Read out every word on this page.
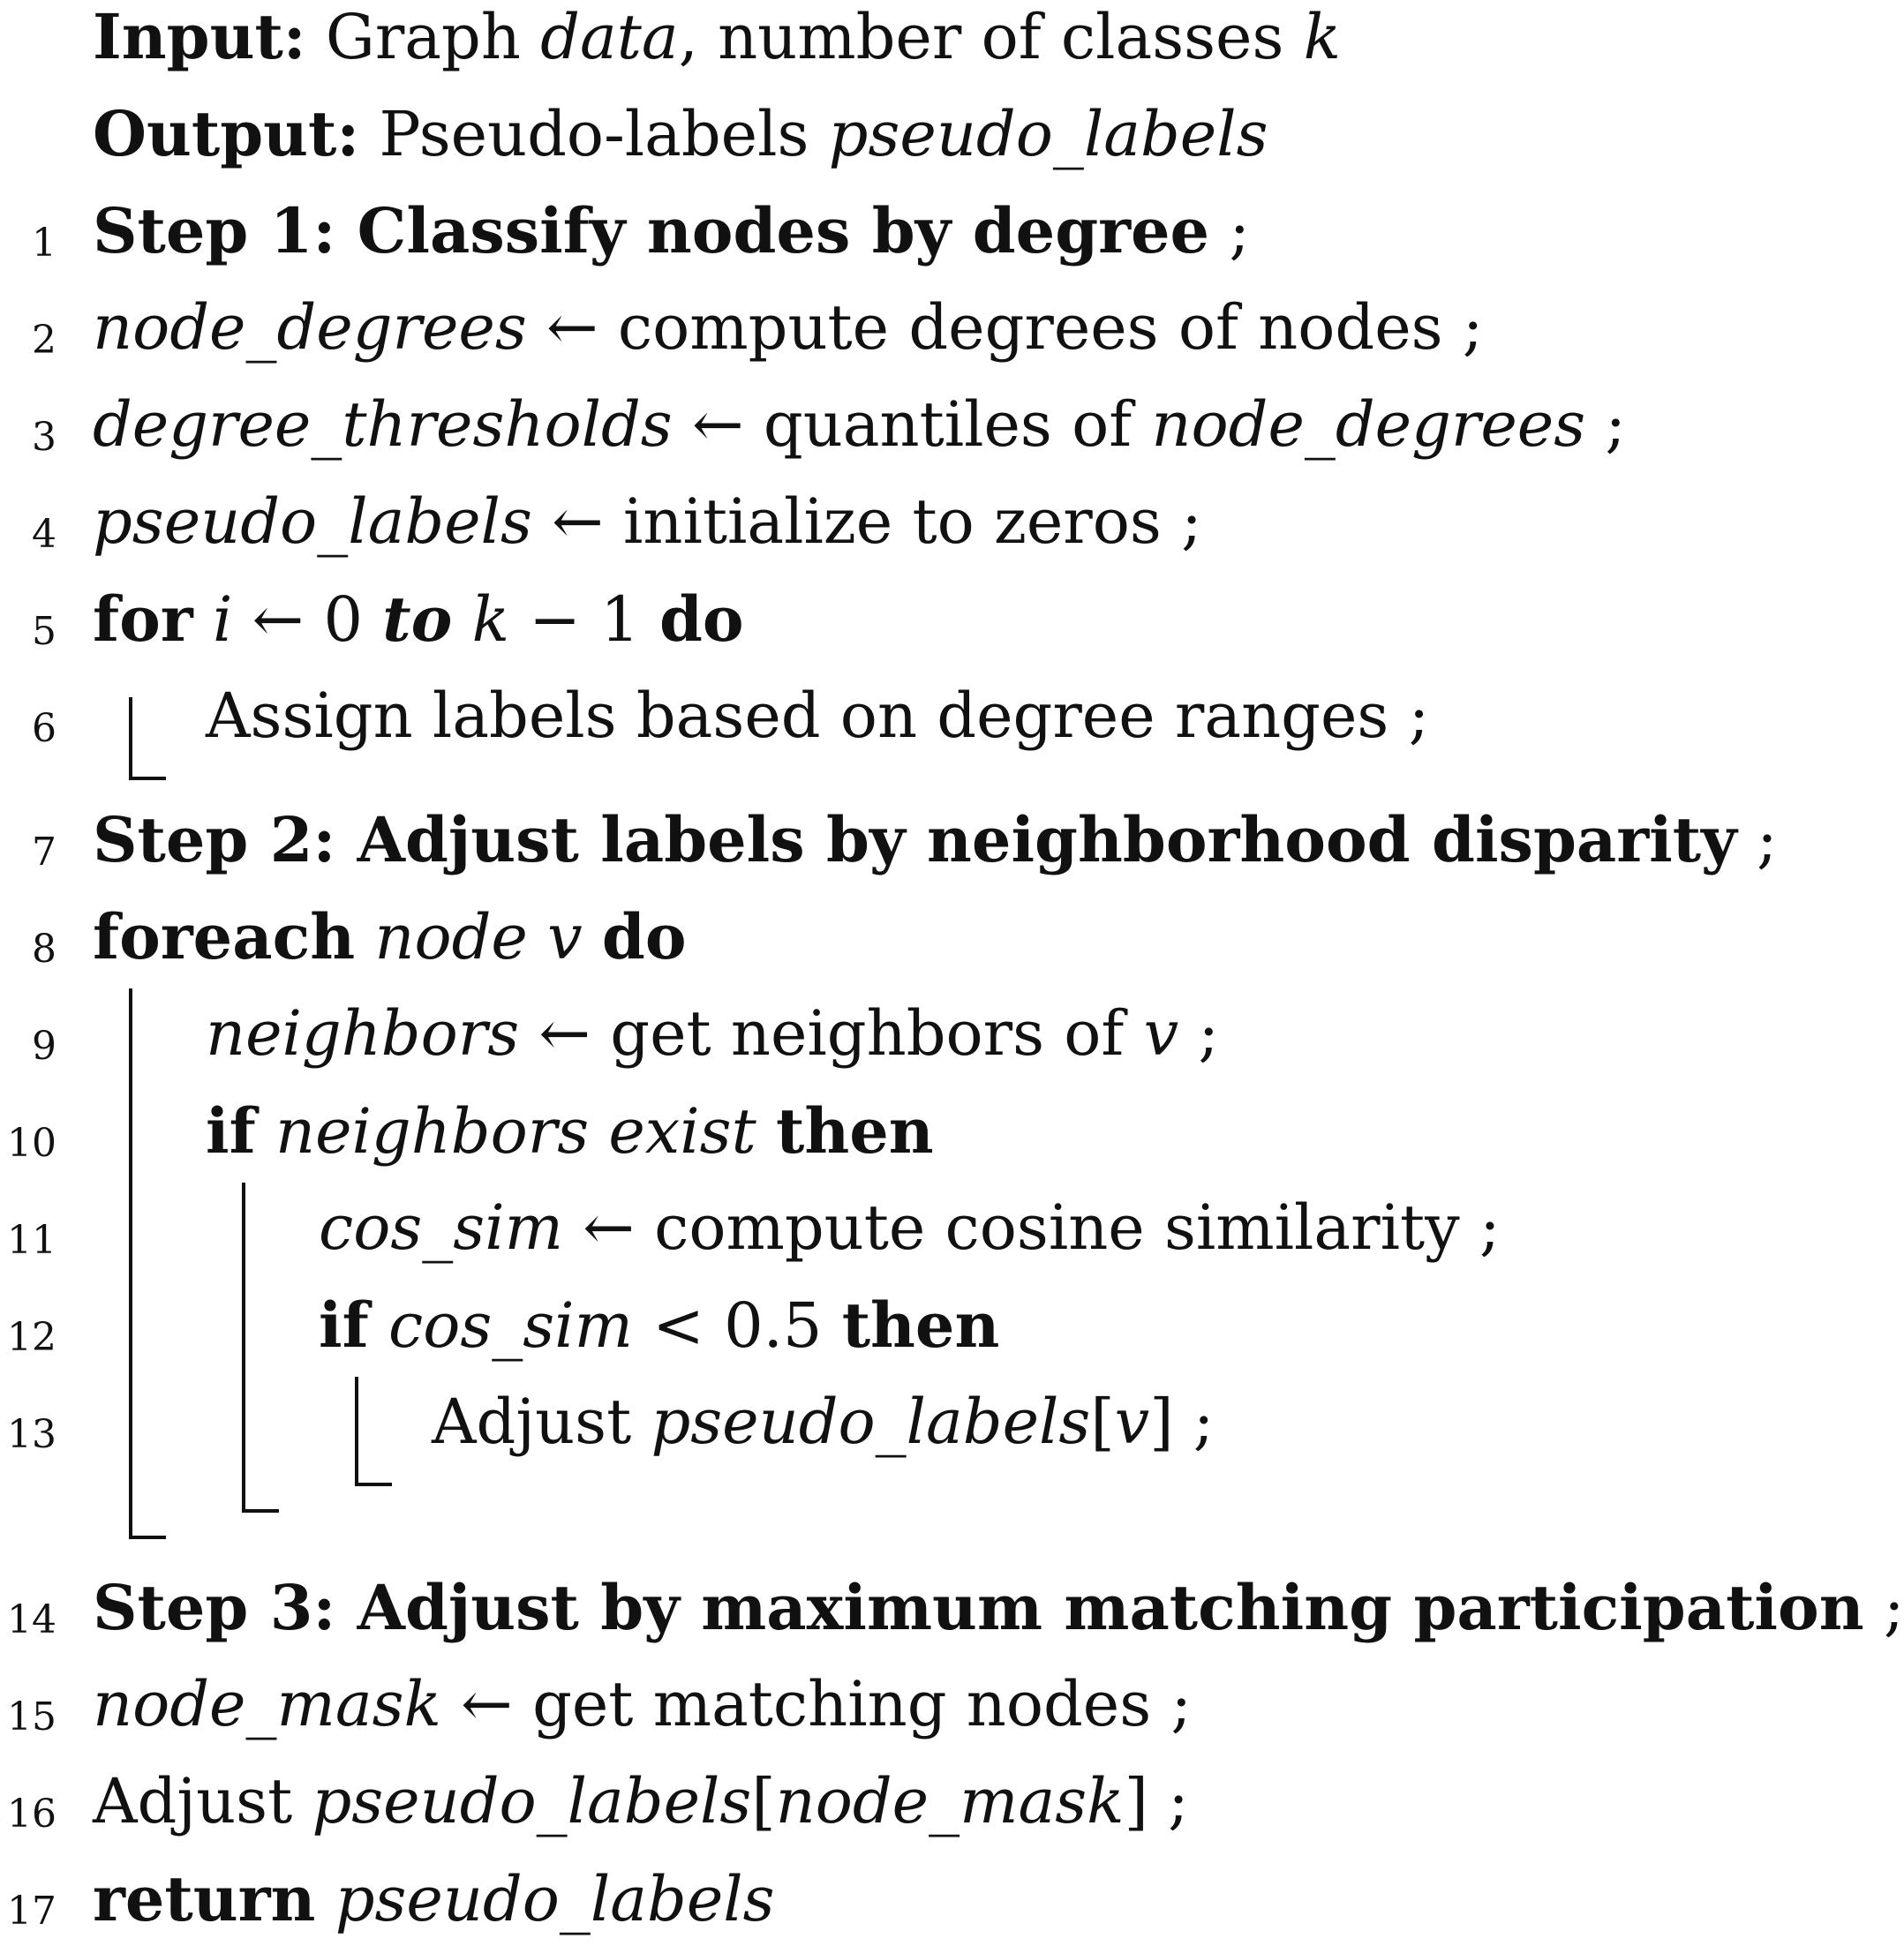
Input: Graph data, number of classes k
Output: Pseudo-labels pseudo_labels
1 Step 1: Classify nodes by degree ;
2 node_degrees ← compute degrees of nodes ;
3 degree_thresholds ← quantiles of node_degrees ;
4 pseudo_labels ← initialize to zeros ;
5 for i ← 0 to k − 1 do
6 Assign labels based on degree ranges ;
7 Step 2: Adjust labels by neighborhood disparity ;
8 foreach node v do
9 neighbors ← get neighbors of v ;
10 if neighbors exist then
11	cos_sim ← compute cosine similarity ;
12	if cos_sim < 0.5 then
13	Adjust pseudo_labels[v] ;
14 Step 3: Adjust by maximum matching participation ;
15 node_mask ← get matching nodes ;
16 Adjust pseudo_labels[node_mask] ;
17 return pseudo_labels
